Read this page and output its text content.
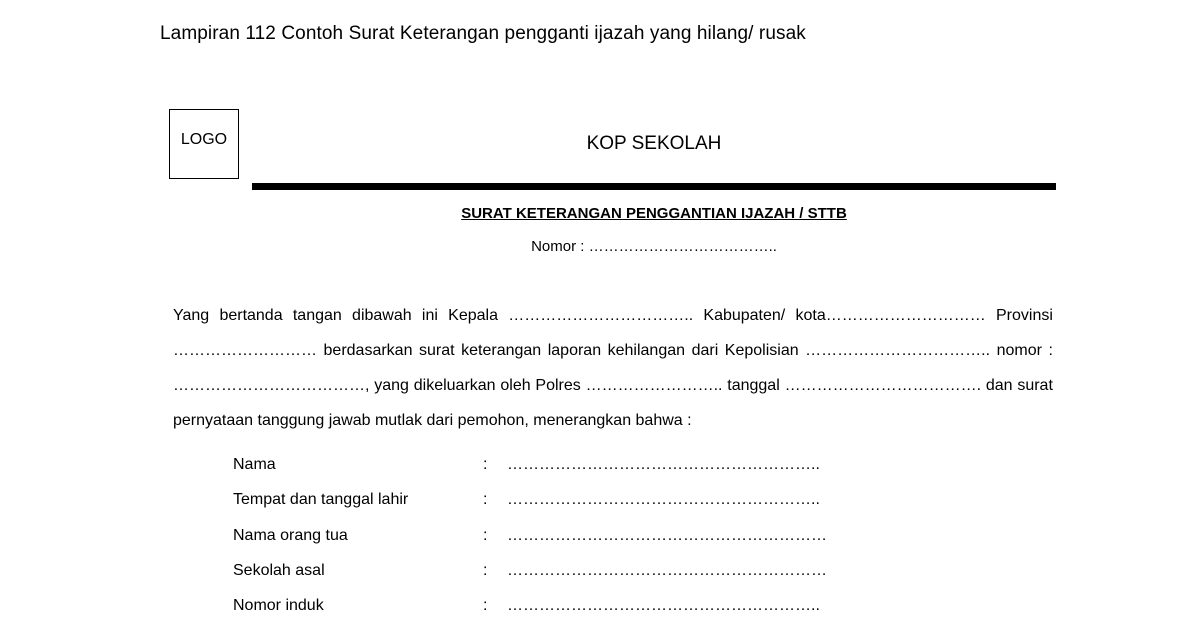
Lampiran 112 Contoh Surat Keterangan pengganti ijazah yang hilang/ rusak
LOGO	KOP SEKOLAH
SURAT KETERANGAN PENGGANTIAN IJAZAH / STTB
Nomor : ………………………………..
Yang bertanda tangan dibawah ini Kepala …………………………….. Kabupaten/ kota………………………… Provinsi
……………………… berdasarkan surat keterangan laporan kehilangan dari Kepolisian …………………………….. nomor :
………………………………, yang dikeluarkan oleh Polres …………………….. tanggal ………………………………. dan surat
pernyataan tanggung jawab mutlak dari pemohon, menerangkan bahwa :
Nama	: …………………………………………………..
Tempat dan tanggal lahir	: …………………………………………………..
Nama orang tua	: ……………………………………………………
Sekolah asal	: ……………………………………………………
Nomor induk	: …………………………………………………..
